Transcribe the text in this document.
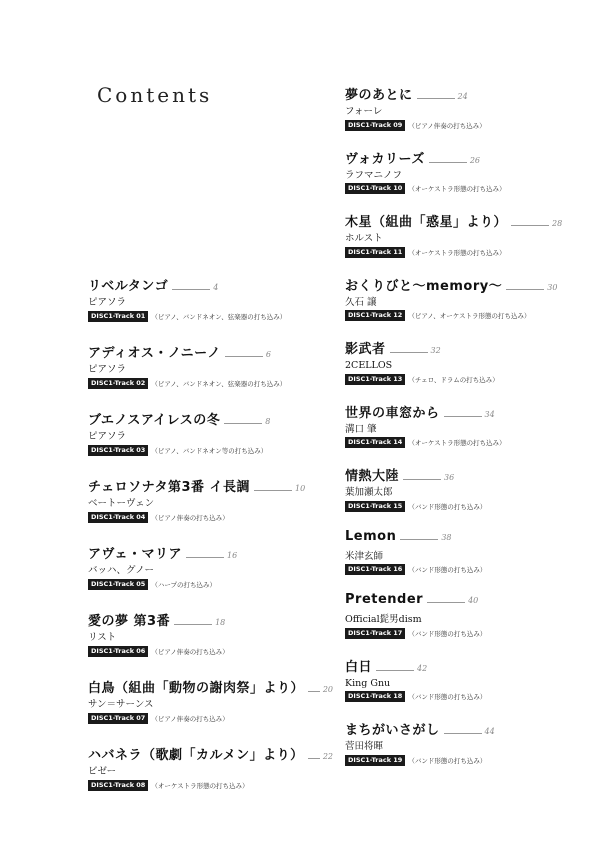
Contents
リベルタンゴ	4
ピアソラ
DISC1-Track 01 （ピアノ、バンドネオン、弦楽器の打ち込み）
アディオス・ノニーノ	6
ピアソラ
DISC1-Track 02 （ピアノ、バンドネオン、弦楽器の打ち込み）
ブエノスアイレスの冬	8
ピアソラ
DISC1-Track 03 （ピアノ、バンドネオン等の打ち込み）
チェロソナタ第3番 イ長調	10
ベートーヴェン
DISC1-Track 04 （ピアノ伴奏の打ち込み）
アヴェ・マリア	16
バッハ、グノー
DISC1-Track 05 （ハープの打ち込み）
愛の夢 第3番	18
リスト
DISC1-Track 06 （ピアノ伴奏の打ち込み）
白鳥（組曲「動物の謝肉祭」より） 20
サン＝サーンス
DISC1-Track 07 （ピアノ伴奏の打ち込み）
ハバネラ（歌劇「カルメン」より） 22
ビゼー
DISC1-Track 08 （オーケストラ形態の打ち込み）
夢のあとに	24
フォーレ
DISC1-Track 09 （ピアノ伴奏の打ち込み）
ヴォカリーズ	26
ラフマニノフ
DISC1-Track 10 （オーケストラ形態の打ち込み）
木星（組曲「惑星」より）	28
ホルスト
DISC1-Track 11 （オーケストラ形態の打ち込み）
おくりびと～memory～	30
久石 譲
DISC1-Track 12 （ピアノ、オーケストラ形態の打ち込み）
影武者	32
2CELLOS
DISC1-Track 13 （チェロ、ドラムの打ち込み）
世界の車窓から	34
溝口 肇
DISC1-Track 14 （オーケストラ形態の打ち込み）
情熱大陸	36
葉加瀬太郎
DISC1-Track 15 （バンド形態の打ち込み）
Lemon	38
米津玄師
DISC1-Track 16 （バンド形態の打ち込み）
Pretender	40
Official髭男dism
DISC1-Track 17 （バンド形態の打ち込み）
白日	42
King Gnu
DISC1-Track 18 （バンド形態の打ち込み）
まちがいさがし	44
菅田将暉
DISC1-Track 19 （バンド形態の打ち込み）
